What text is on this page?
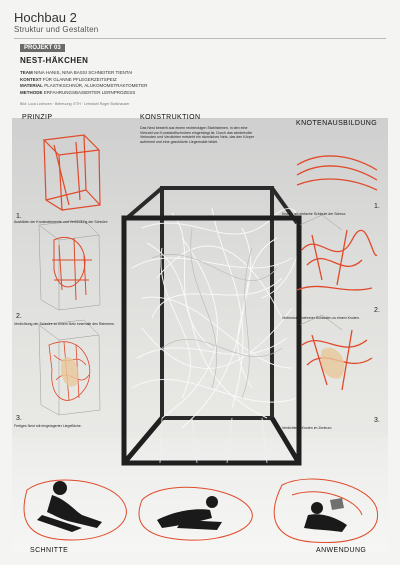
Hochbau 2
Struktur und Gestalten
PROJEKT 03
NEST-HÄKCHEN
TEAM NINA HANIS, NINA BASSI SCHNEITER TIENTAI
KONTEXT FÜR GLANNE PFLEGERZEITSPEIZ
MATERIAL PLASTIKSCHNÜR, ALUKOMOMSTRAKTOMETER
METHODE ERFAHRUNGSBASIERTER LERNPROZESS
Bild: Luca Lorenzen · Betreuung: ETH · Lehrstuhl Roger Boltshauser
PRINZIP	KONSTRUKTION
KNOTENAUSBILDUNG
Das Nest besteht aus einem rechteckigen Stahlrahmen, in den eine Vielzahl von Kunststoffschnüren eingehängt ist. Durch das wiederholte Verknoten und Verdichten entsteht ein räumliches Netz, das den Körper aufnimmt und eine geschützte Liegemulde bildet.
1.
2.
3.
Ausbilden der Knotenelemente und Verbindung der Schnüre.
Verdichtung der Schnüre zu einem Netz innerhalb des Rahmens.
Fertiges Nest mit eingelagerter Liegefläche.
1.
2.
3.
Knoten als einfache Schlaufe der Schnur.
Verbindung mehrerer Schlaufen zu einem Knoten.
Verdichteter Knoten im Zentrum.
SCHNITTE	ANWENDUNG
